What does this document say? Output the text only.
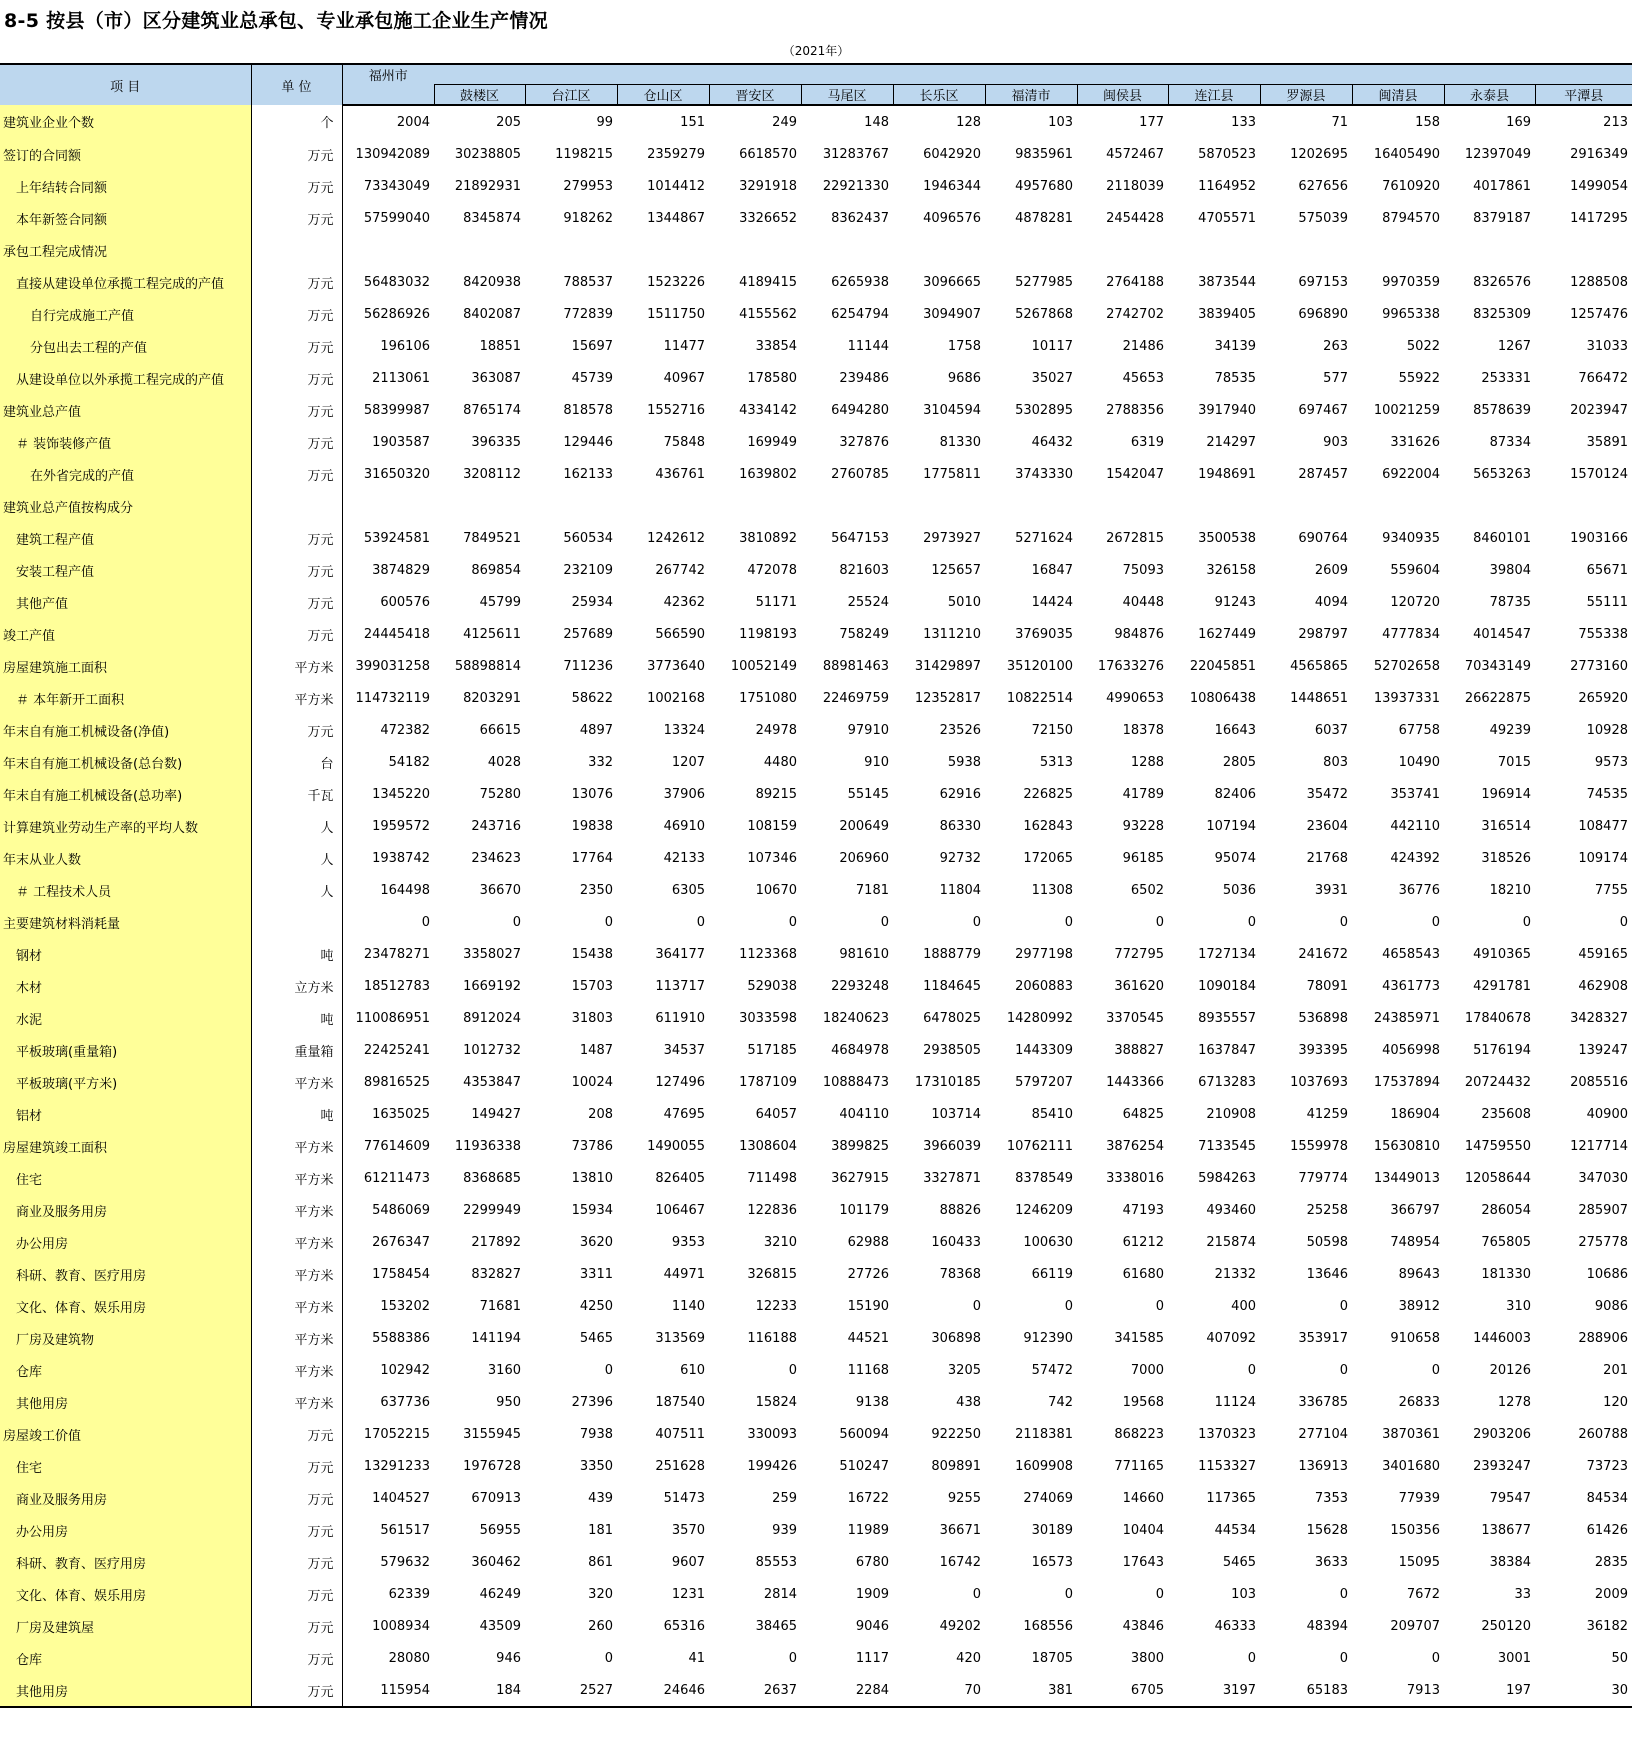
8-5 按县（市）区分建筑业总承包、专业承包施工企业生产情况
（2021年）
项 目	单 位	福州市													
			鼓楼区	台江区	仓山区	晋安区	马尾区	长乐区	福清市	闽侯县	连江县	罗源县	闽清县	永泰县	平潭县
建筑业企业个数	个	2004	205	99	151	249	148	128	103	177	133	71	158	169	213
签订的合同额	万元	130942089	30238805	1198215	2359279	6618570	31283767	6042920	9835961	4572467	5870523	1202695	16405490	12397049	2916349
上年结转合同额	万元	73343049	21892931	279953	1014412	3291918	22921330	1946344	4957680	2118039	1164952	627656	7610920	4017861	1499054
本年新签合同额	万元	57599040	8345874	918262	1344867	3326652	8362437	4096576	4878281	2454428	4705571	575039	8794570	8379187	1417295
承包工程完成情况															
直接从建设单位承揽工程完成的产值	万元	56483032	8420938	788537	1523226	4189415	6265938	3096665	5277985	2764188	3873544	697153	9970359	8326576	1288508
自行完成施工产值	万元	56286926	8402087	772839	1511750	4155562	6254794	3094907	5267868	2742702	3839405	696890	9965338	8325309	1257476
分包出去工程的产值	万元	196106	18851	15697	11477	33854	11144	1758	10117	21486	34139	263	5022	1267	31033
从建设单位以外承揽工程完成的产值	万元	2113061	363087	45739	40967	178580	239486	9686	35027	45653	78535	577	55922	253331	766472
建筑业总产值	万元	58399987	8765174	818578	1552716	4334142	6494280	3104594	5302895	2788356	3917940	697467	10021259	8578639	2023947
＃ 装饰装修产值	万元	1903587	396335	129446	75848	169949	327876	81330	46432	6319	214297	903	331626	87334	35891
在外省完成的产值	万元	31650320	3208112	162133	436761	1639802	2760785	1775811	3743330	1542047	1948691	287457	6922004	5653263	1570124
建筑业总产值按构成分															
建筑工程产值	万元	53924581	7849521	560534	1242612	3810892	5647153	2973927	5271624	2672815	3500538	690764	9340935	8460101	1903166
安装工程产值	万元	3874829	869854	232109	267742	472078	821603	125657	16847	75093	326158	2609	559604	39804	65671
其他产值	万元	600576	45799	25934	42362	51171	25524	5010	14424	40448	91243	4094	120720	78735	55111
竣工产值	万元	24445418	4125611	257689	566590	1198193	758249	1311210	3769035	984876	1627449	298797	4777834	4014547	755338
房屋建筑施工面积	平方米	399031258	58898814	711236	3773640	10052149	88981463	31429897	35120100	17633276	22045851	4565865	52702658	70343149	2773160
＃ 本年新开工面积	平方米	114732119	8203291	58622	1002168	1751080	22469759	12352817	10822514	4990653	10806438	1448651	13937331	26622875	265920
年末自有施工机械设备(净值)	万元	472382	66615	4897	13324	24978	97910	23526	72150	18378	16643	6037	67758	49239	10928
年末自有施工机械设备(总台数)	台	54182	4028	332	1207	4480	910	5938	5313	1288	2805	803	10490	7015	9573
年末自有施工机械设备(总功率)	千瓦	1345220	75280	13076	37906	89215	55145	62916	226825	41789	82406	35472	353741	196914	74535
计算建筑业劳动生产率的平均人数	人	1959572	243716	19838	46910	108159	200649	86330	162843	93228	107194	23604	442110	316514	108477
年末从业人数	人	1938742	234623	17764	42133	107346	206960	92732	172065	96185	95074	21768	424392	318526	109174
＃ 工程技术人员	人	164498	36670	2350	6305	10670	7181	11804	11308	6502	5036	3931	36776	18210	7755
主要建筑材料消耗量		0	0	0	0	0	0	0	0	0	0	0	0	0	0
钢材	吨	23478271	3358027	15438	364177	1123368	981610	1888779	2977198	772795	1727134	241672	4658543	4910365	459165
木材	立方米	18512783	1669192	15703	113717	529038	2293248	1184645	2060883	361620	1090184	78091	4361773	4291781	462908
水泥	吨	110086951	8912024	31803	611910	3033598	18240623	6478025	14280992	3370545	8935557	536898	24385971	17840678	3428327
平板玻璃(重量箱)	重量箱	22425241	1012732	1487	34537	517185	4684978	2938505	1443309	388827	1637847	393395	4056998	5176194	139247
平板玻璃(平方米)	平方米	89816525	4353847	10024	127496	1787109	10888473	17310185	5797207	1443366	6713283	1037693	17537894	20724432	2085516
铝材	吨	1635025	149427	208	47695	64057	404110	103714	85410	64825	210908	41259	186904	235608	40900
房屋建筑竣工面积	平方米	77614609	11936338	73786	1490055	1308604	3899825	3966039	10762111	3876254	7133545	1559978	15630810	14759550	1217714
住宅	平方米	61211473	8368685	13810	826405	711498	3627915	3327871	8378549	3338016	5984263	779774	13449013	12058644	347030
商业及服务用房	平方米	5486069	2299949	15934	106467	122836	101179	88826	1246209	47193	493460	25258	366797	286054	285907
办公用房	平方米	2676347	217892	3620	9353	3210	62988	160433	100630	61212	215874	50598	748954	765805	275778
科研、教育、医疗用房	平方米	1758454	832827	3311	44971	326815	27726	78368	66119	61680	21332	13646	89643	181330	10686
文化、体育、娱乐用房	平方米	153202	71681	4250	1140	12233	15190	0	0	0	400	0	38912	310	9086
厂房及建筑物	平方米	5588386	141194	5465	313569	116188	44521	306898	912390	341585	407092	353917	910658	1446003	288906
仓库	平方米	102942	3160	0	610	0	11168	3205	57472	7000	0	0	0	20126	201
其他用房	平方米	637736	950	27396	187540	15824	9138	438	742	19568	11124	336785	26833	1278	120
房屋竣工价值	万元	17052215	3155945	7938	407511	330093	560094	922250	2118381	868223	1370323	277104	3870361	2903206	260788
住宅	万元	13291233	1976728	3350	251628	199426	510247	809891	1609908	771165	1153327	136913	3401680	2393247	73723
商业及服务用房	万元	1404527	670913	439	51473	259	16722	9255	274069	14660	117365	7353	77939	79547	84534
办公用房	万元	561517	56955	181	3570	939	11989	36671	30189	10404	44534	15628	150356	138677	61426
科研、教育、医疗用房	万元	579632	360462	861	9607	85553	6780	16742	16573	17643	5465	3633	15095	38384	2835
文化、体育、娱乐用房	万元	62339	46249	320	1231	2814	1909	0	0	0	103	0	7672	33	2009
厂房及建筑屋	万元	1008934	43509	260	65316	38465	9046	49202	168556	43846	46333	48394	209707	250120	36182
仓库	万元	28080	946	0	41	0	1117	420	18705	3800	0	0	0	3001	50
其他用房	万元	115954	184	2527	24646	2637	2284	70	381	6705	3197	65183	7913	197	30
